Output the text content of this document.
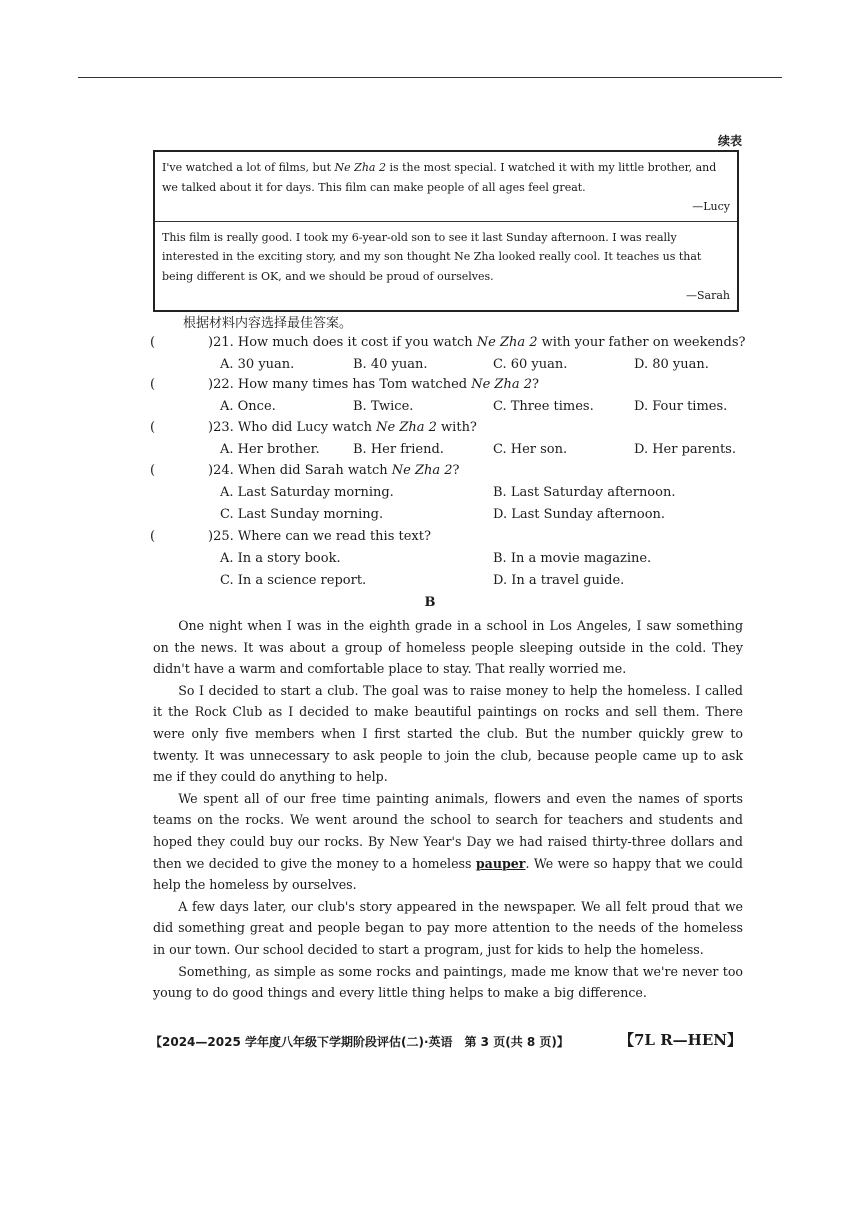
续表
I've watched a lot of films, but Ne Zha 2 is the most special. I watched it with my little brother, and we talked about it for days. This film can make people of all ages feel great.
—Lucy
This film is really good. I took my 6-year-old son to see it last Sunday afternoon. I was really interested in the exciting story, and my son thought Ne Zha looked really cool. It teaches us that being different is OK, and we should be proud of ourselves.
—Sarah
根据材料内容选择最佳答案。
(	)21. How much does it cost if you watch Ne Zha 2 with your father on weekends?
A. 30 yuan.	B. 40 yuan.	C. 60 yuan.	D. 80 yuan.
(	)22. How many times has Tom watched Ne Zha 2?
A. Once.	B. Twice.	C. Three times.	D. Four times.
(	)23. Who did Lucy watch Ne Zha 2 with?
A. Her brother.	B. Her friend.	C. Her son.	D. Her parents.
(	)24. When did Sarah watch Ne Zha 2?
A. Last Saturday morning.	B. Last Saturday afternoon.
C. Last Sunday morning.	D. Last Sunday afternoon.
(	)25. Where can we read this text?
A. In a story book.	B. In a movie magazine.
C. In a science report.	D. In a travel guide.
B

One night when I was in the eighth grade in a school in Los Angeles, I saw something on the news. It was about a group of homeless people sleeping outside in the cold. They didn't have a warm and comfortable place to stay. That really worried me.

So I decided to start a club. The goal was to raise money to help the homeless. I called it the Rock Club as I decided to make beautiful paintings on rocks and sell them. There were only five members when I first started the club. But the number quickly grew to twenty. It was unnecessary to ask people to join the club, because people came up to ask me if they could do anything to help.

We spent all of our free time painting animals, flowers and even the names of sports teams on the rocks. We went around the school to search for teachers and students and hoped they could buy our rocks. By New Year's Day we had raised thirty-three dollars and then we decided to give the money to a homeless pauper. We were so happy that we could help the homeless by ourselves.

A few days later, our club's story appeared in the newspaper. We all felt proud that we did something great and people began to pay more attention to the needs of the homeless in our town. Our school decided to start a program, just for kids to help the homeless.

Something, as simple as some rocks and paintings, made me know that we're never too young to do good things and every little thing helps to make a big difference.

【2024—2025 学年度八年级下学期阶段评估(二)·英语　第 3 页(共 8 页)】	【7L R—HEN】
